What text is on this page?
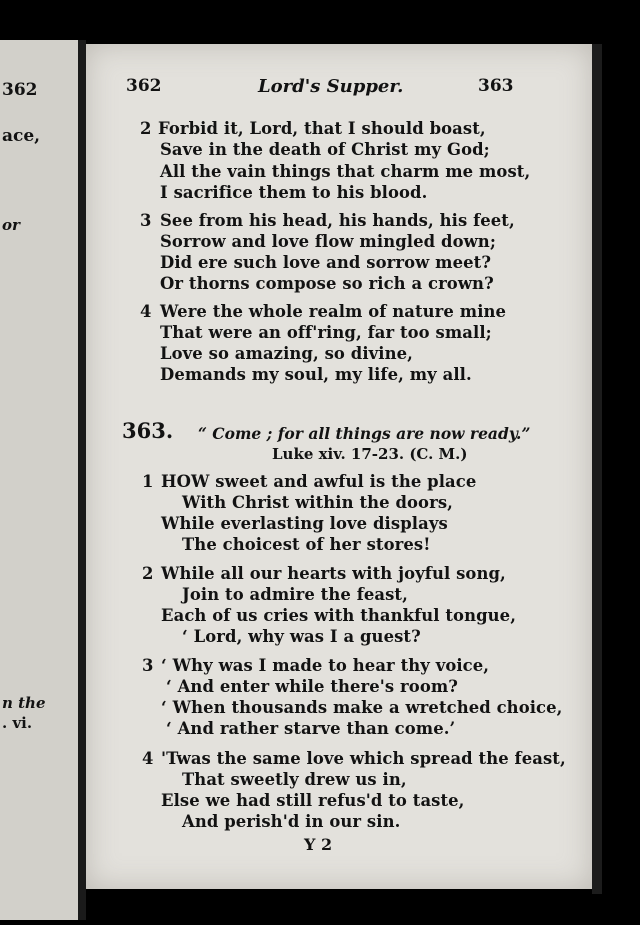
362
ace,
or
n the
. vi.
362	Lord's Supper.	363
2 Forbid it, Lord, that I should boast,
Save in the death of Christ my God;
All the vain things that charm me most,
I sacrifice them to his blood.
3 See from his head, his hands, his feet,
Sorrow and love flow mingled down;
Did ere such love and sorrow meet?
Or thorns compose so rich a crown?
4 Were the whole realm of nature mine
That were an off'ring, far too small;
Love so amazing, so divine,
Demands my soul, my life, my all.
363. “ Come ; for all things are now ready.”
Luke xiv. 17-23. (C. M.)
1 HOW sweet and awful is the place
With Christ within the doors,
While everlasting love displays
The choicest of her stores!
2 While all our hearts with joyful song,
Join to admire the feast,
Each of us cries with thankful tongue,
‘ Lord, why was I a guest?
3 ‘ Why was I made to hear thy voice,
‘ And enter while there's room?
‘ When thousands make a wretched choice,
‘ And rather starve than come.’
4 'Twas the same love which spread the feast,
That sweetly drew us in,
Else we had still refus'd to taste,
And perish'd in our sin.
Y 2
